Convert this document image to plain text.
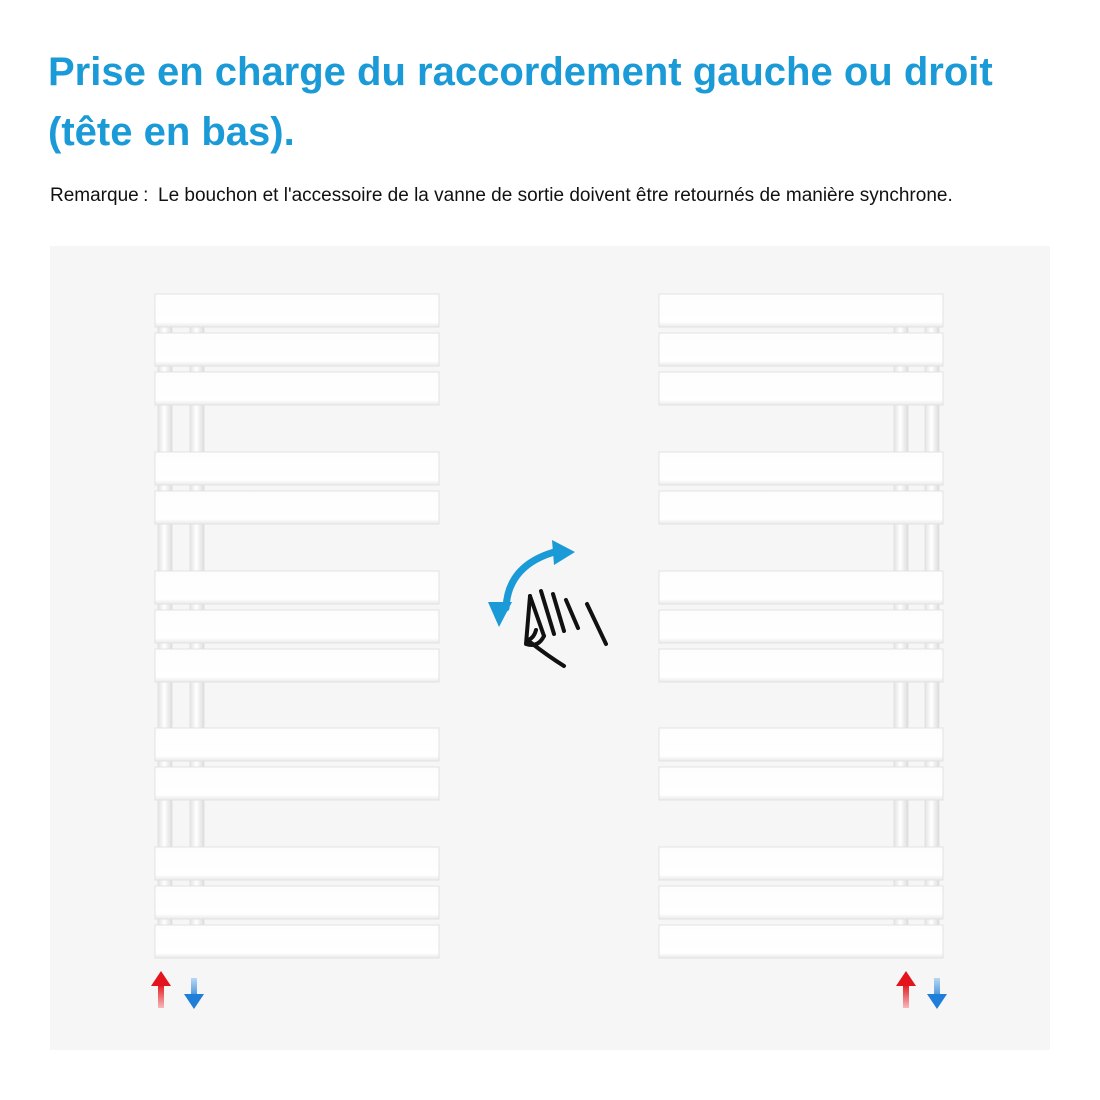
Prise en charge du raccordement gauche ou droit (tête en bas).
Remarque : Le bouchon et l'accessoire de la vanne de sortie doivent être retournés de manière synchrone.
